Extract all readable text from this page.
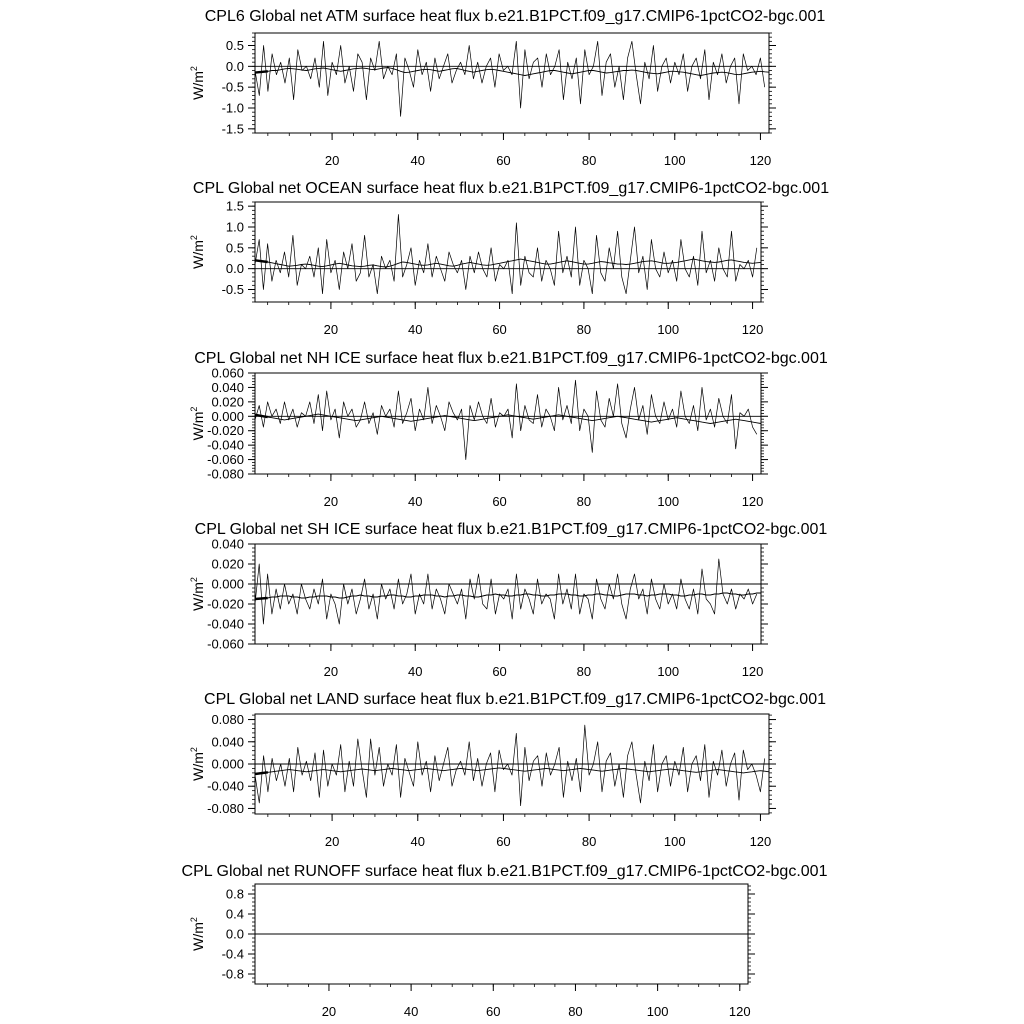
CPL6 Global net ATM surface heat flux b.e21.B1PCT.f09_g17.CMIP6-1pctCO2-bgc.001
0.5
0.0
-0.5
-1.0
-1.5
20	40	60	80	100	120
$W/m^2$
CPL Global net OCEAN surface heat flux b.e21.B1PCT.f09_g17.CMIP6-1pctCO2-bgc.001
1.5
1.0
0.5
0.0
-0.5
20	40	60	80	100	120
$W/m^2$
CPL Global net NH ICE surface heat flux b.e21.B1PCT.f09_g17.CMIP6-1pctCO2-bgc.001
0.060
0.040
0.020
0.000
-0.020
-0.040
-0.060
-0.080
20	40	60	80	100	120
$W/m^2$
CPL Global net SH ICE surface heat flux b.e21.B1PCT.f09_g17.CMIP6-1pctCO2-bgc.001
0.040
0.020
0.000
-0.020
-0.040
-0.060
20	40	60	80	100	120
$W/m^2$
CPL Global net LAND surface heat flux b.e21.B1PCT.f09_g17.CMIP6-1pctCO2-bgc.001
0.080
0.040
0.000
-0.040
-0.080
20	40	60	80	100	120
$W/m^2$
CPL Global net RUNOFF surface heat flux b.e21.B1PCT.f09_g17.CMIP6-1pctCO2-bgc.001
0.8
0.4
0.0
-0.4
-0.8
20	40	60	80	100	120
$W/m^2$
